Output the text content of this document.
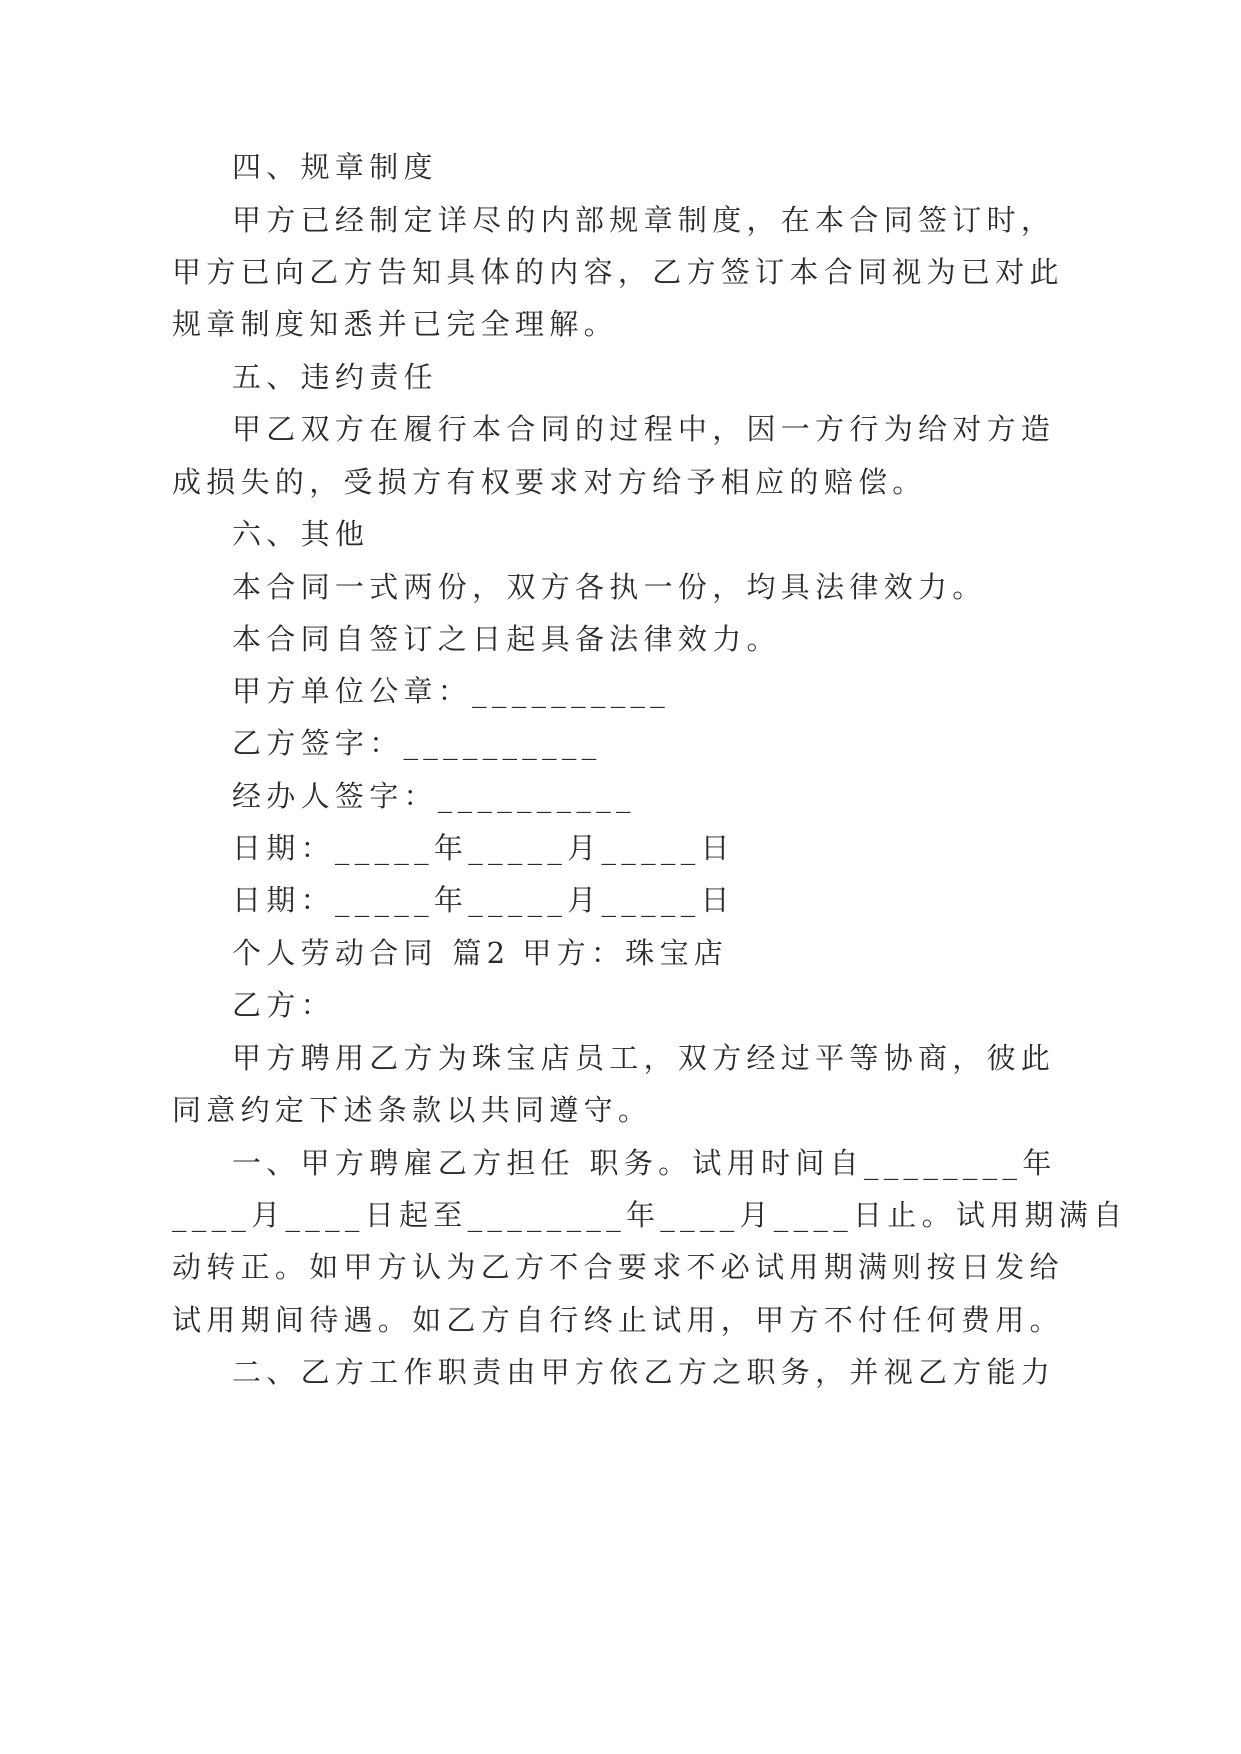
四、规章制度
甲方已经制定详尽的内部规章制度，在本合同签订时，
甲方已向乙方告知具体的内容，乙方签订本合同视为已对此
规章制度知悉并已完全理解。
五、违约责任
甲乙双方在履行本合同的过程中，因一方行为给对方造
成损失的，受损方有权要求对方给予相应的赔偿。
六、其他
本合同一式两份，双方各执一份，均具法律效力。
本合同自签订之日起具备法律效力。
甲方单位公章：__________
乙方签字：__________
经办人签字：__________
日期：_____年_____月_____日
日期：_____年_____月_____日
个人劳动合同 篇2	甲方：珠宝店
乙方：
甲方聘用乙方为珠宝店员工，双方经过平等协商，彼此
同意约定下述条款以共同遵守。
一、甲方聘雇乙方担任 职务。试用时间自________年
____月____日起至________年____月____日止。试用期满自
动转正。如甲方认为乙方不合要求不必试用期满则按日发给
试用期间待遇。如乙方自行终止试用，甲方不付任何费用。
二、乙方工作职责由甲方依乙方之职务，并视乙方能力
